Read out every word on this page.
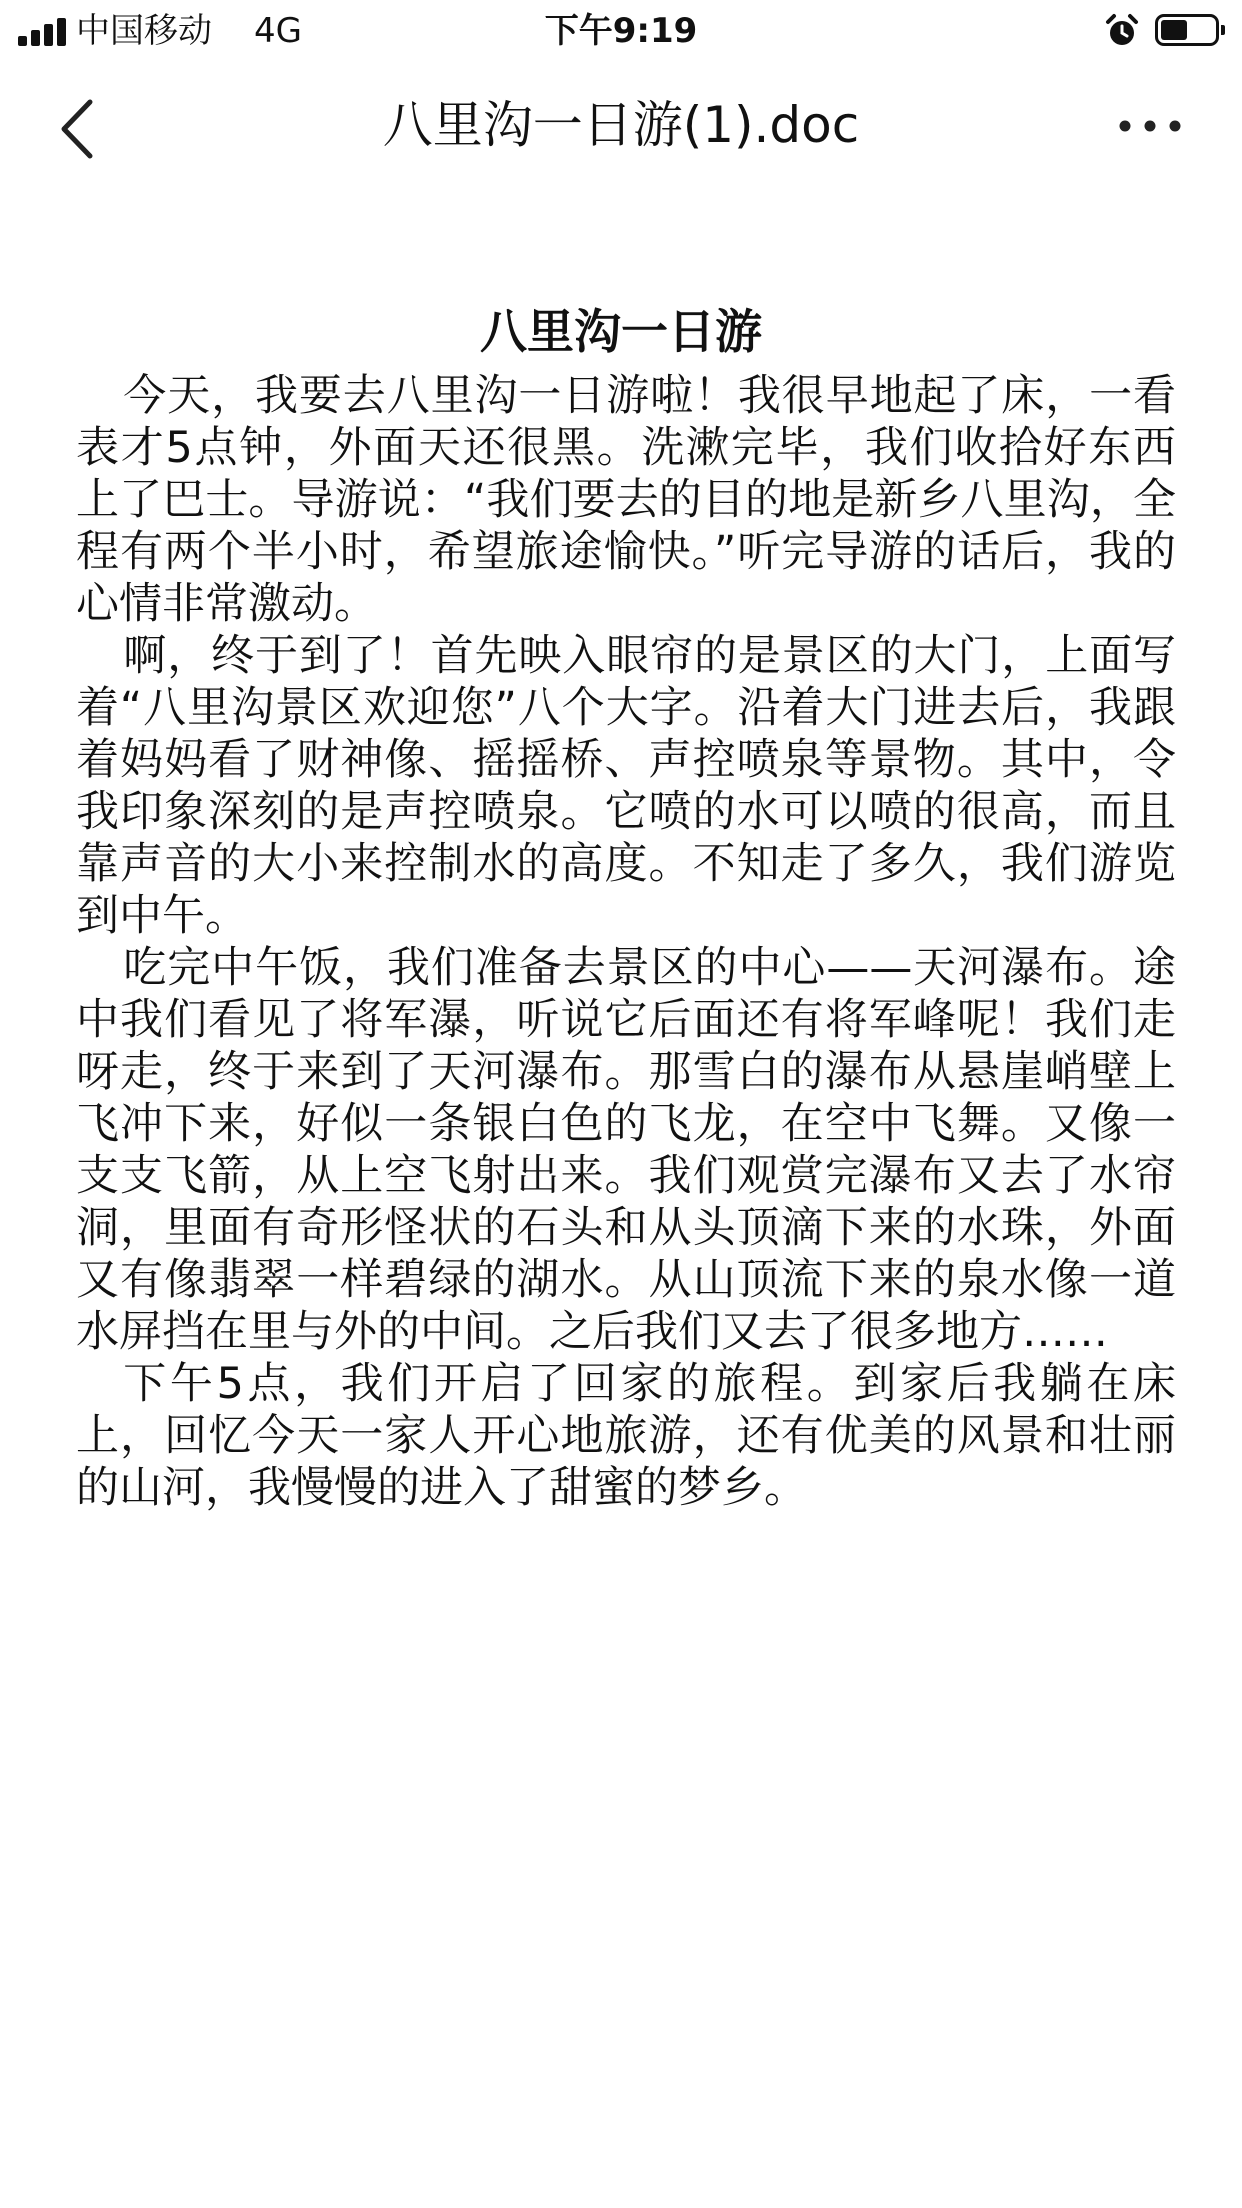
中国移动 4G	下午9:19
八里沟一日游(1).doc
八里沟一日游

今天，我要去八里沟一日游啦！我很早地起了床，一看表才5点钟，外面天还很黑。洗漱完毕，我们收拾好东西上了巴士。导游说：“我们要去的目的地是新乡八里沟，全程有两个半小时，希望旅途愉快。”听完导游的话后，我的心情非常激动。

啊，终于到了！首先映入眼帘的是景区的大门，上面写着“八里沟景区欢迎您”八个大字。沿着大门进去后，我跟着妈妈看了财神像、摇摇桥、声控喷泉等景物。其中，令我印象深刻的是声控喷泉。它喷的水可以喷的很高，而且靠声音的大小来控制水的高度。不知走了多久，我们游览到中午。

吃完中午饭，我们准备去景区的中心——天河瀑布。途中我们看见了将军瀑，听说它后面还有将军峰呢！我们走呀走，终于来到了天河瀑布。那雪白的瀑布从悬崖峭壁上飞冲下来，好似一条银白色的飞龙，在空中飞舞。又像一支支飞箭，从上空飞射出来。我们观赏完瀑布又去了水帘洞，里面有奇形怪状的石头和从头顶滴下来的水珠，外面又有像翡翠一样碧绿的湖水。从山顶流下来的泉水像一道水屏挡在里与外的中间。之后我们又去了很多地方……

下午5点，我们开启了回家的旅程。到家后我躺在床上，回忆今天一家人开心地旅游，还有优美的风景和壮丽的山河，我慢慢的进入了甜蜜的梦乡。
